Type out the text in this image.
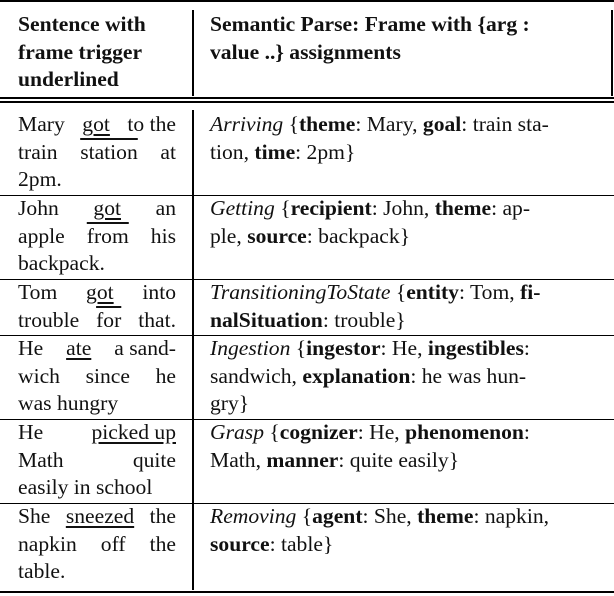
Sentence with
frame trigger
underlined
Semantic Parse: Frame with {arg :
value ..} assignments
Mary got to the
train station at
2pm.
Arriving {theme: Mary, goal: train sta-
tion, time: 2pm}
John got an
apple from his
backpack.
Getting {recipient: John, theme: ap-
ple, source: backpack}
Tom got into
trouble $\overline{for}$ that.
TransitioningToState {entity: Tom, fi-
nalSituation: trouble}
He ate a sand-
wich since he
was hungry
Ingestion {ingestor: He, ingestibles:
sandwich, explanation: he was hun-
gry}
He picked up
Math	quite
easily in school
Grasp {cognizer: He, phenomenon:
Math, manner: quite easily}
She sneezed the
napkin off the
table.
Removing {agent: She, theme: napkin,
source: table}
